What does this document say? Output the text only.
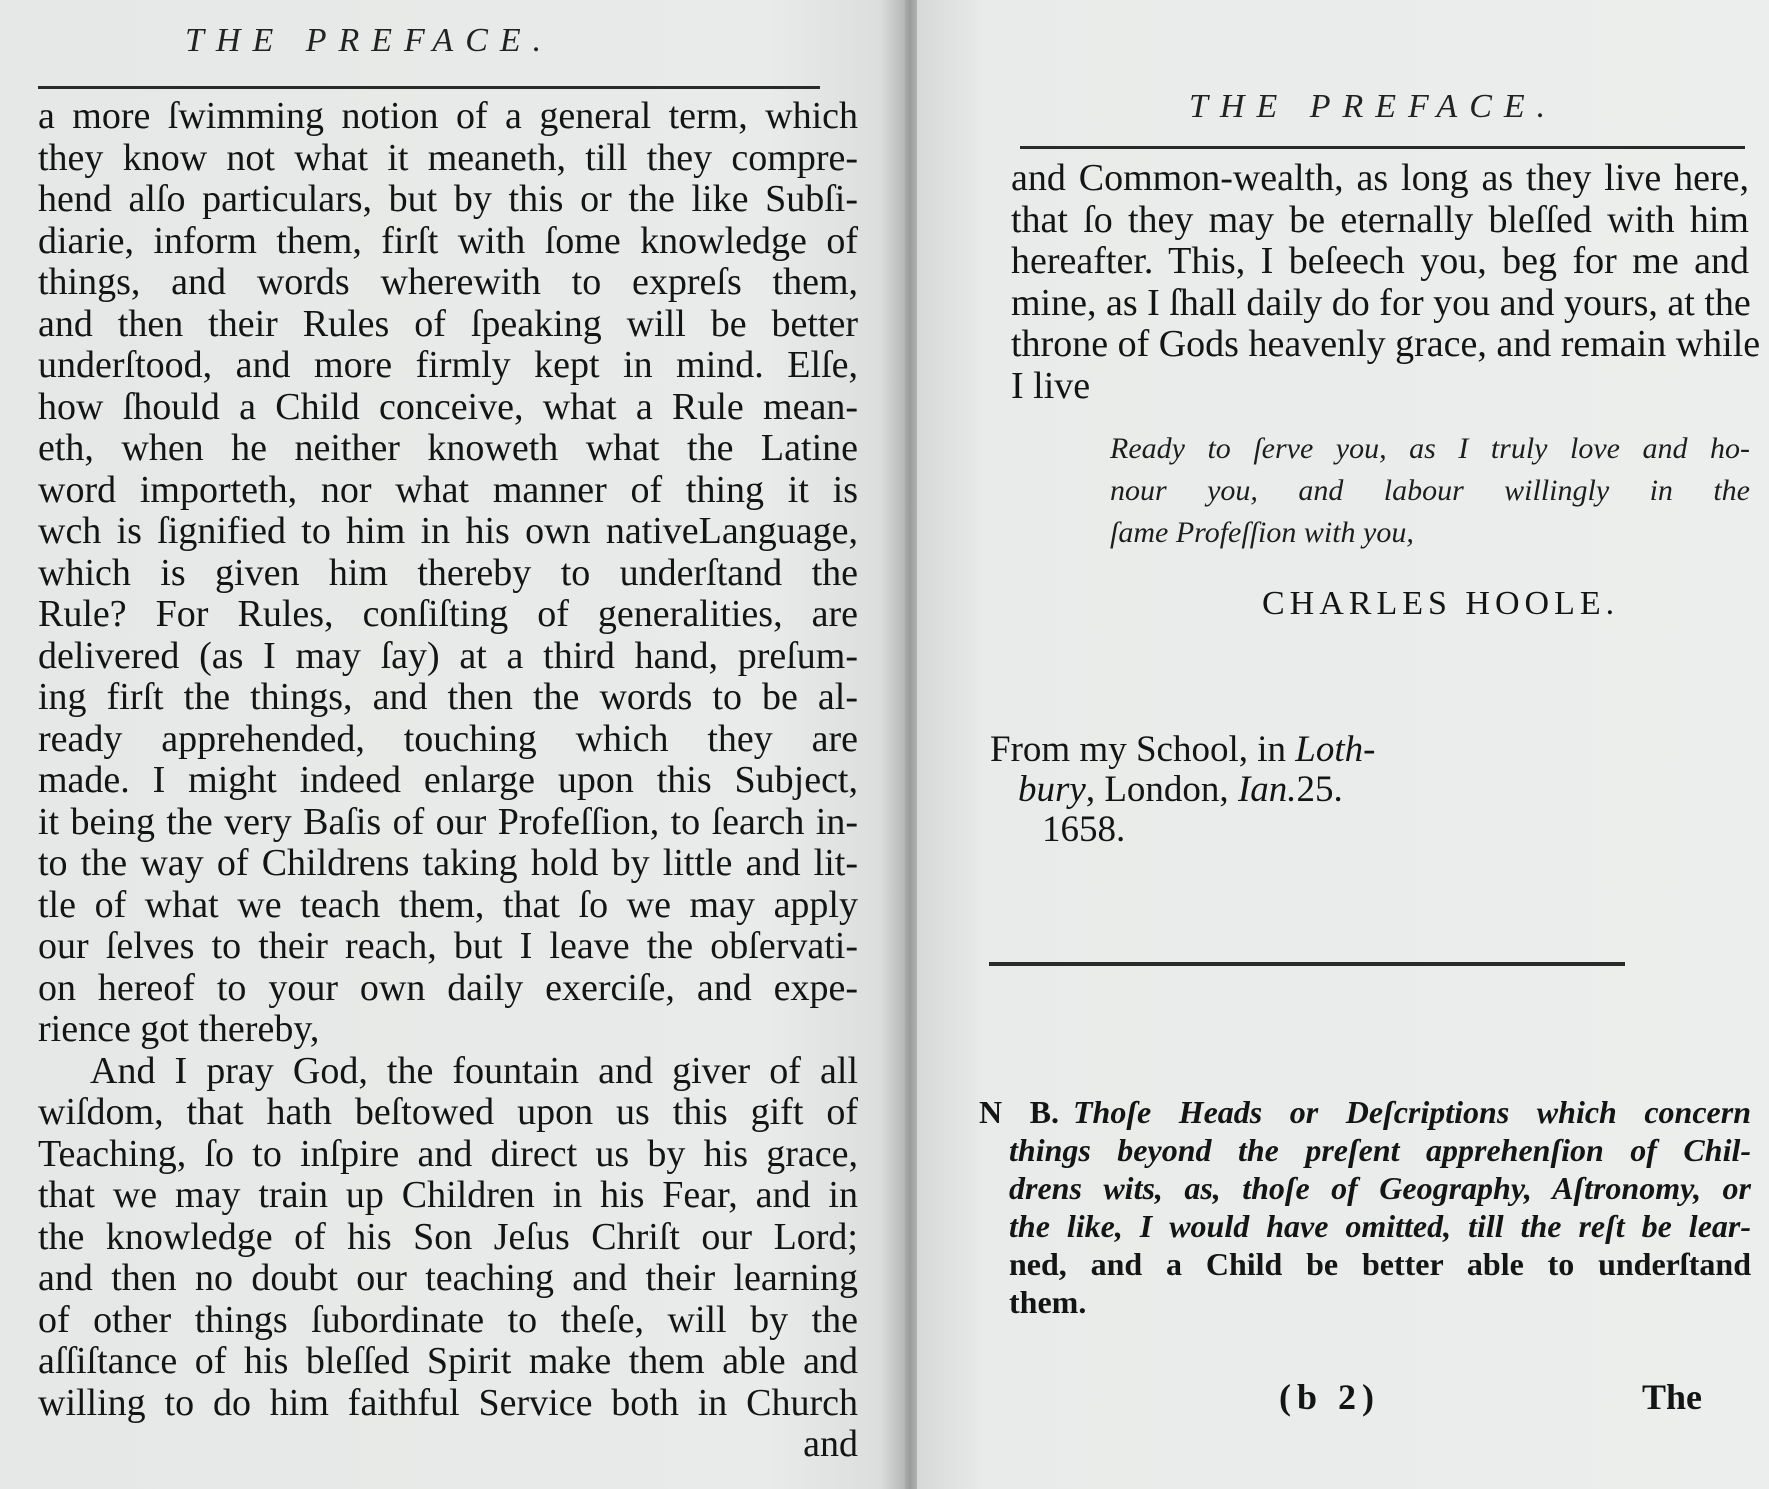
THE PREFACE.
a more ſwimming notion of a general term, which
they know not what it meaneth, till they compre-
hend alſo particulars, but by this or the like Subſi-
diarie, inform them, firſt with ſome knowledge of
things, and words wherewith to expreſs them,
and then their Rules of ſpeaking will be better
underſtood, and more firmly kept in mind. Elſe,
how ſhould a Child conceive, what a Rule mean-
eth, when he neither knoweth what the Latine
word importeth, nor what manner of thing it is
wch is ſignified to him in his own nativeLanguage,
which is given him thereby to underſtand the
Rule? For Rules, conſiſting of generalities, are
delivered (as I may ſay) at a third hand, preſum-
ing firſt the things, and then the words to be al-
ready apprehended, touching which they are
made. I might indeed enlarge upon this Subject,
it being the very Baſis of our Profeſſion, to ſearch in-
to the way of Childrens taking hold by little and lit-
tle of what we teach them, that ſo we may apply
our ſelves to their reach, but I leave the obſervati-
on hereof to your own daily exerciſe, and expe-
rience got thereby,
And I pray God, the fountain and giver of all
wiſdom, that hath beſtowed upon us this gift of
Teaching, ſo to inſpire and direct us by his grace,
that we may train up Children in his Fear, and in
the knowledge of his Son Jeſus Chriſt our Lord;
and then no doubt our teaching and their learning
of other things ſubordinate to theſe, will by the
aſſiſtance of his bleſſed Spirit make them able and
willing to do him faithful Service both in Church
and
THE PREFACE.
and Common-wealth, as long as they live here,
that ſo they may be eternally bleſſed with him
hereafter. This, I beſeech you, beg for me and
mine, as I ſhall daily do for you and yours, at the
throne of Gods heavenly grace, and remain while
I live
Ready to ſerve you, as I truly love and ho-
nour you, and labour willingly in the
ſame Profeſſion with you,
CHARLES HOOLE.
From my School, in Loth-
bury, London, Ian.25.
1658.
N B. Thoſe Heads or Deſcriptions which concern
things beyond the preſent apprehenſion of Chil-
drens wits, as, thoſe of Geography, Aſtronomy, or
the like, I would have omitted, till the reſt be lear-
ned, and a Child be better able to underſtand
them.
(b 2)	The
